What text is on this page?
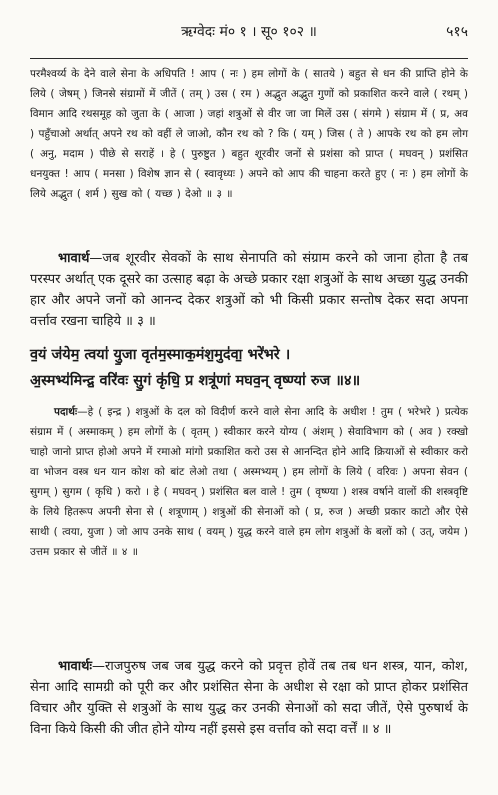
ऋग्वेदः मं० १ । सू० १०२ ॥	५१५

परमैश्वर्य्य के देने वाले सेना के अधिपति ! आप ( नः ) हम लोगों के ( सातये ) बहुत से धन की प्राप्ति होने के लिये ( जेषम् ) जिनसे संग्रामों में जीतें ( तम् ) उस ( रम ) अद्भुत अद्भुत गुणों को प्रकाशित करने वाले ( रथम् ) विमान आदि रथसमूह को जुता के ( आजा ) जहां शत्रुओं से वीर जा जा मिलें उस ( संगमे ) संग्राम में ( प्र, अव ) पहुँचाओ अर्थात् अपने रथ को वहीं ले जाओ, कौन रथ को ? कि ( यम् ) जिस ( ते ) आपके रथ को हम लोग ( अनु, मदाम ) पीछे से सराहें । हे ( पुरुष्टुत ) बहुत शूरवीर जनों से प्रशंसा को प्राप्त ( मघवन् ) प्रशंसित धनयुक्त ! आप ( मनसा ) विशेष ज्ञान से ( स्वावृध्यः ) अपने को आप की चाहना करते हुए ( नः ) हम लोगों के लिये अद्भुत ( शर्म ) सुख को ( यच्छ ) देओ ॥ ३ ॥

भावार्थ—जब शूरवीर सेवकों के साथ सेनापति को संग्राम करने को जाना होता है तब परस्पर अर्थात् एक दूसरे का उत्साह बढ़ा के अच्छे प्रकार रक्षा शत्रुओं के साथ अच्छा युद्ध उनकी हार और अपने जनों को आनन्द देकर शत्रुओं को भी किसी प्रकार सन्तोष देकर सदा अपना वर्त्ताव रखना चाहिये ॥ ३ ॥

व॒यं ज॑येम॒ त्वया॑ यु॒जा वृत॑म॒स्माक॒मंश॒मुद॑वा॒ भरे॑भरे ।

अ॒स्मभ्य॑मिन्द्र॒ वरि॑वः सु॒गं कृ॑धि॒ प्र शत्रू॑णां मघव॒न् वृष्ण्या॑ रुज ॥४॥

पदार्थः—हे ( इन्द्र ) शत्रुओं के दल को विदीर्ण करने वाले सेना आदि के अधीश ! तुम ( भरेभरे ) प्रत्येक संग्राम में ( अस्माकम् ) हम लोगों के ( वृतम् ) स्वीकार करने योग्य ( अंशम् ) सेवाविभाग को ( अव ) रक्खो चाहो जानो प्राप्त होओ अपने में रमाओ मांगो प्रकाशित करो उस से आनन्दित होने आदि क्रियाओं से स्वीकार करो वा भोजन वस्त्र धन यान कोश को बांट लेओ तथा ( अस्मभ्यम् ) हम लोगों के लिये ( वरिवः ) अपना सेवन ( सुगम् ) सुगम ( कृधि ) करो । हे ( मघवन् ) प्रशंसित बल वाले ! तुम ( वृष्ण्या ) शस्त्र वर्षाने वालों की शस्त्रवृष्टि के लिये हितरूप अपनी सेना से ( शत्रूणाम् ) शत्रुओं की सेनाओं को ( प्र, रुज ) अच्छी प्रकार काटो और ऐसे साथी ( त्वया, युजा ) जो आप उनके साथ ( वयम् ) युद्ध करने वाले हम लोग शत्रुओं के बलों को ( उत्, जयेम ) उत्तम प्रकार से जीतें ॥ ४ ॥

भावार्थः—राजपुरुष जब जब युद्ध करने को प्रवृत्त होवें तब तब धन शस्त्र, यान, कोश, सेना आदि सामग्री को पूरी कर और प्रशंसित सेना के अधीश से रक्षा को प्राप्त होकर प्रशंसित विचार और युक्ति से शत्रुओं के साथ युद्ध कर उनकी सेनाओं को सदा जीतें, ऐसे पुरुषार्थ के विना किये किसी की जीत होने योग्य नहीं इससे इस वर्त्ताव को सदा वर्त्तें ॥ ४ ॥
